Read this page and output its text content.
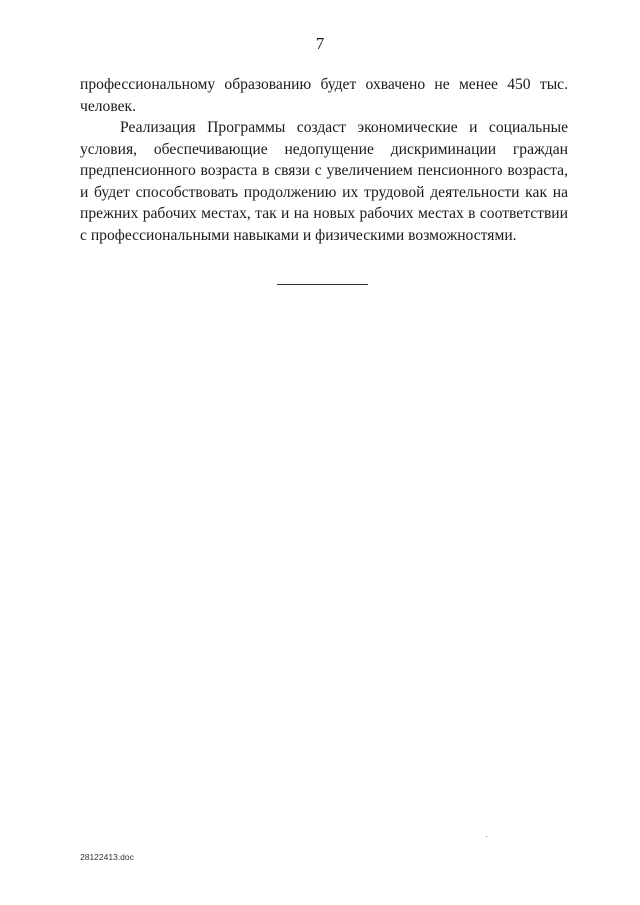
7

профессиональному образованию будет охвачено не менее 450 тыс. человек.

Реализация Программы создаст экономические и социальные условия, обеспечивающие недопущение дискриминации граждан предпенсионного возраста в связи с увеличением пенсионного возраста, и будет способствовать продолжению их трудовой деятельности как на прежних рабочих местах, так и на новых рабочих местах в соответствии с профессиональными навыками и физическими возможностями.

28122413.doc
